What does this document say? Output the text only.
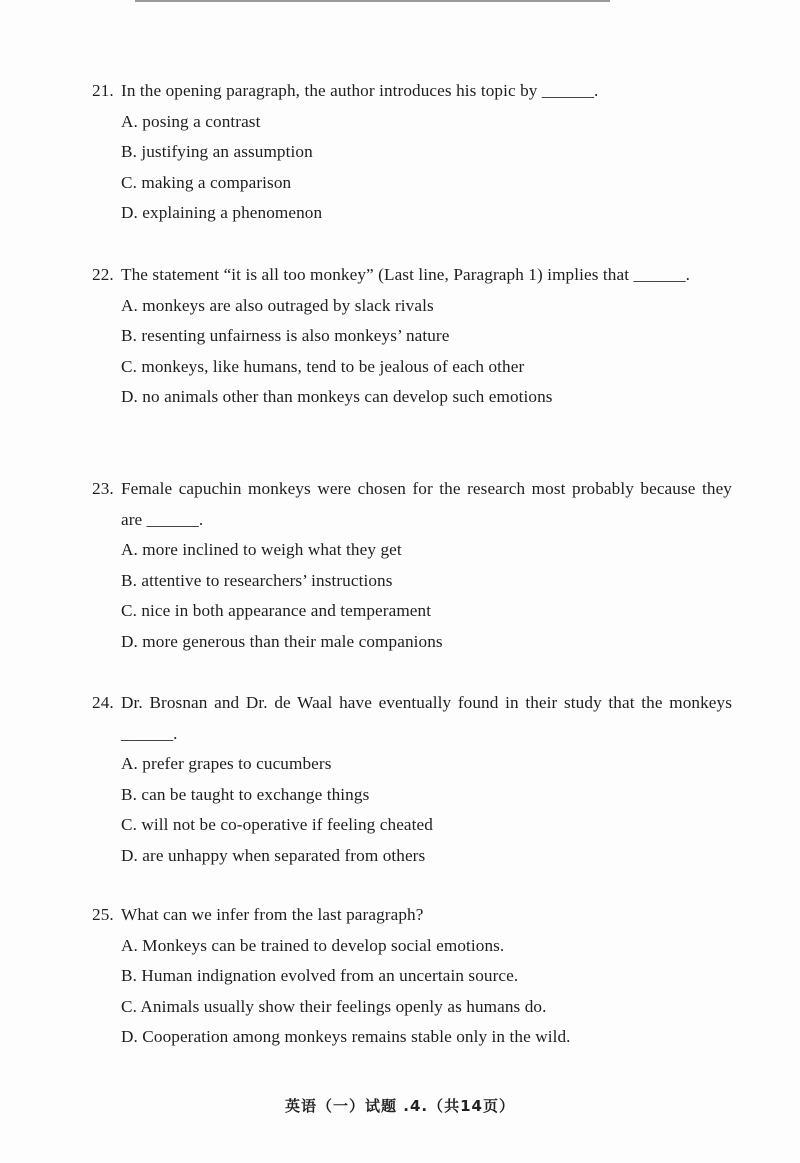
21. In the opening paragraph, the author introduces his topic by ______.
A. posing a contrast
B. justifying an assumption
C. making a comparison
D. explaining a phenomenon
22. The statement “it is all too monkey” (Last line, Paragraph 1) implies that ______.
A. monkeys are also outraged by slack rivals
B. resenting unfairness is also monkeys’ nature
C. monkeys, like humans, tend to be jealous of each other
D. no animals other than monkeys can develop such emotions
23. Female capuchin monkeys were chosen for the research most probably because they are ______.
A. more inclined to weigh what they get
B. attentive to researchers’ instructions
C. nice in both appearance and temperament
D. more generous than their male companions
24. Dr. Brosnan and Dr. de Waal have eventually found in their study that the monkeys ______.
A. prefer grapes to cucumbers
B. can be taught to exchange things
C. will not be co-operative if feeling cheated
D. are unhappy when separated from others
25. What can we infer from the last paragraph?
A. Monkeys can be trained to develop social emotions.
B. Human indignation evolved from an uncertain source.
C. Animals usually show their feelings openly as humans do.
D. Cooperation among monkeys remains stable only in the wild.
英语（一）试题 .4.（共14页）
